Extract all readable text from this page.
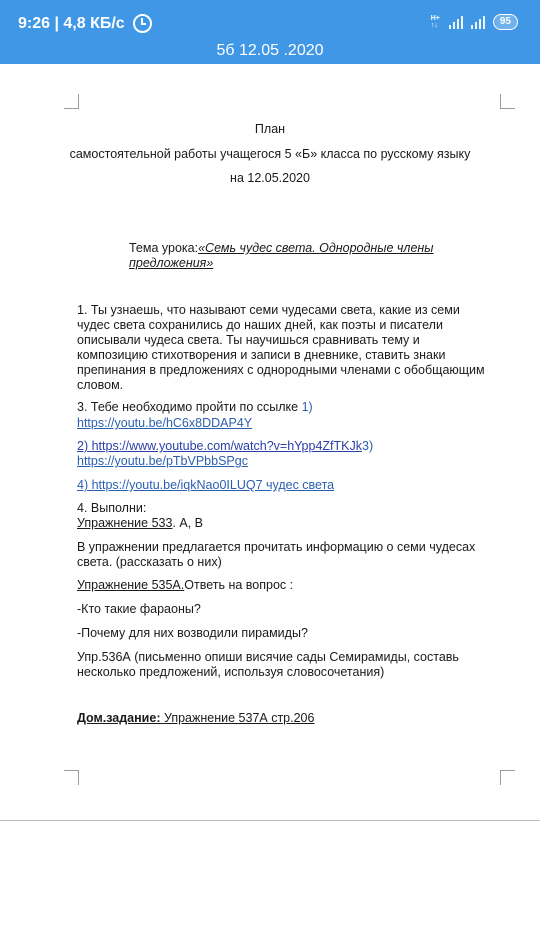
9:26 | 4,8 КБ/с	H+
↑↓	95
5б 12.05 .2020
План
самостоятельной работы учащегося 5 «Б» класса по русскому языку
на 12.05.2020
Тема урока:«Семь чудес света. Однородные члены
предложения»
1. Ты узнаешь, что называют семи чудесами света, какие из семи
чудес света сохранились до наших дней, как поэты и писатели
описывали чудеса света. Ты научишься сравнивать тему и
композицию стихотворения и записи в дневнике, ставить знаки
препинания в предложениях с однородными членами с обобщающим
словом.
3. Тебе необходимо пройти по ссылке 1)
https://youtu.be/hC6x8DDAP4Y
2) https://www.youtube.com/watch?v=hYpp4ZfTKJk3)
https://youtu.be/pTbVPbbSPgc
4) https://youtu.be/iqkNao0ILUQ7 чудес света
4. Выполни:
Упражнение 533. А, В
В упражнении предлагается прочитать информацию о семи чудесах
света. (рассказать о них)
Упражнение 535А.Ответь на вопрос :
-Кто такие фараоны?
-Почему для них возводили пирамиды?
Упр.536А (письменно опиши висячие сады Семирамиды, составь
несколько предложений, используя словосочетания)
Дом.задание: Упражнение 537А стр.206
